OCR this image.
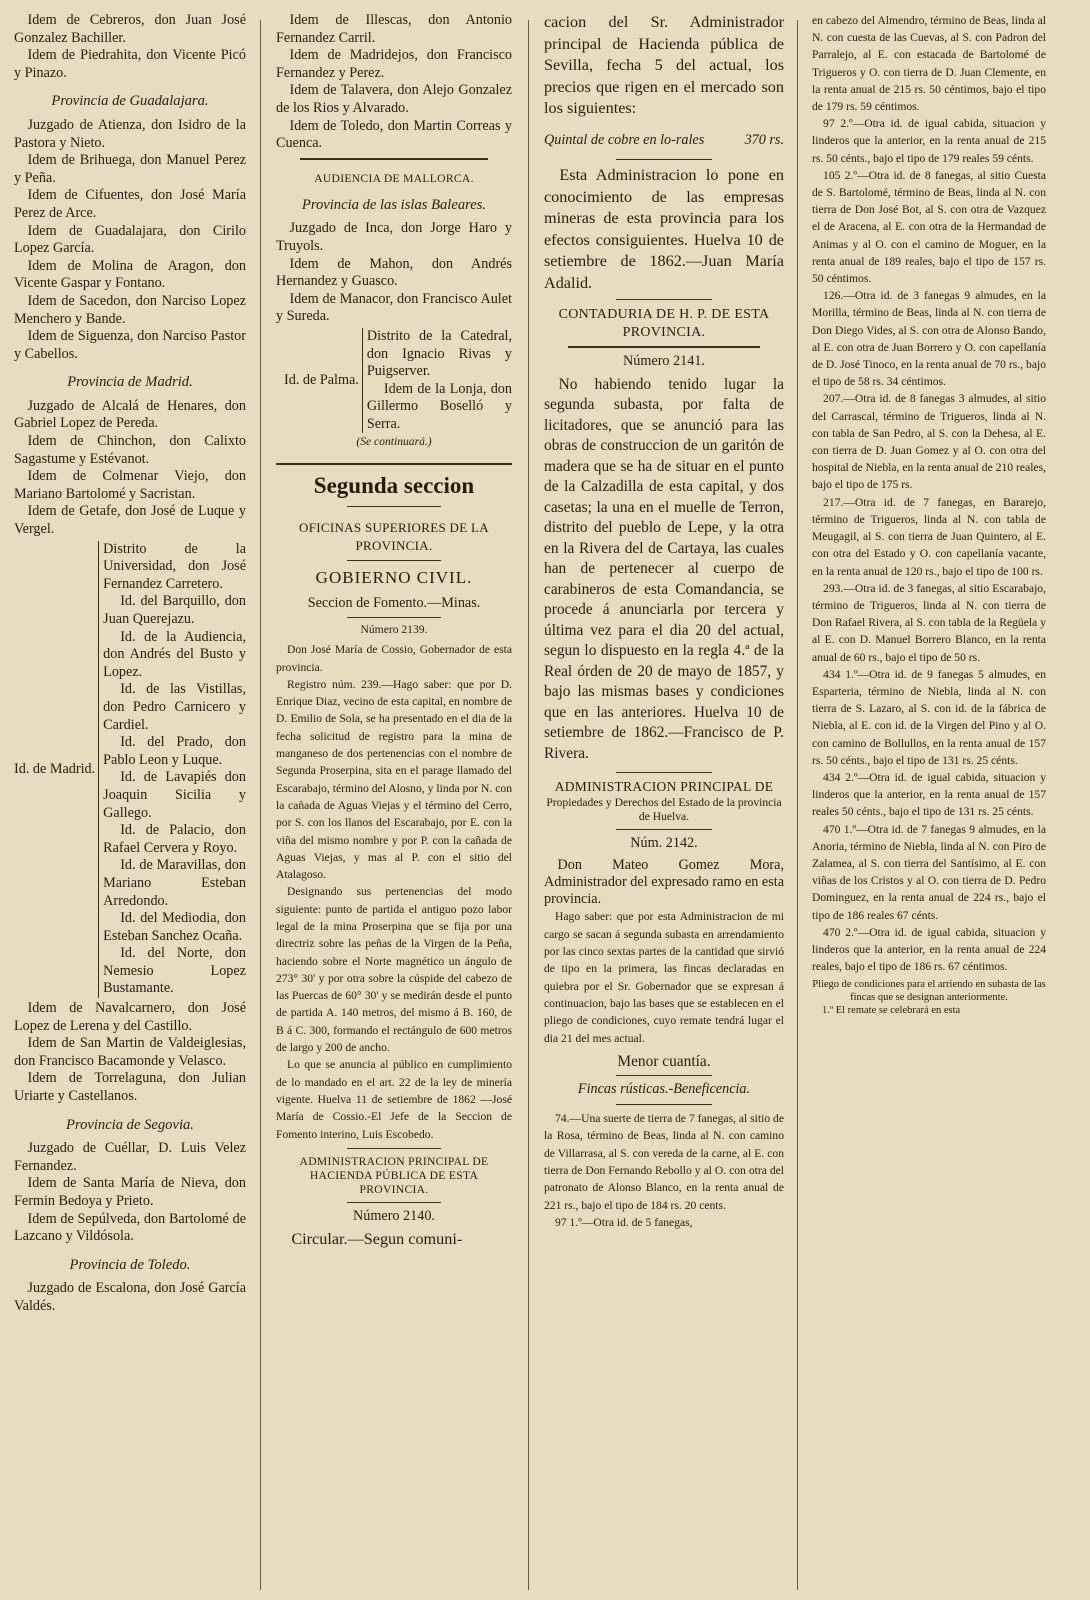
Idem de Cebreros, don Juan José Gonzalez Bachiller.

Idem de Piedrahita, don Vicente Picó y Pinazo.

Provincia de Guadalajara.

Juzgado de Atienza, don Isidro de la Pastora y Nieto.

Idem de Brihuega, don Manuel Perez y Peña.

Idem de Cifuentes, don José María Perez de Arce.

Idem de Guadalajara, don Cirilo Lopez García.

Idem de Molina de Aragon, don Vicente Gaspar y Fontano.

Idem de Sacedon, don Narciso Lopez Menchero y Bande.

Idem de Siguenza, don Narciso Pastor y Cabellos.

Provincia de Madrid.

Juzgado de Alcalá de Henares, don Gabriel Lopez de Pereda.

Idem de Chinchon, don Calixto Sagastume y Estévanot.

Idem de Colmenar Viejo, don Mariano Bartolomé y Sacristan.

Idem de Getafe, don José de Luque y Vergel.

Id. de Madrid.

Distrito de la Universidad, don José Fernandez Carretero.

Id. del Barquillo, don Juan Querejazu.

Id. de la Audiencia, don Andrés del Busto y Lopez.

Id. de las Vistillas, don Pedro Carnicero y Cardiel.

Id. del Prado, don Pablo Leon y Luque.

Id. de Lavapiés don Joaquin Sicilia y Gallego.

Id. de Palacio, don Rafael Cervera y Royo.

Id. de Maravillas, don Mariano Esteban Arredondo.

Id. del Mediodia, don Esteban Sanchez Ocaña.

Id. del Norte, don Nemesio Lopez Bustamante.

Idem de Navalcarnero, don José Lopez de Lerena y del Castillo.

Idem de San Martin de Valdeiglesias, don Francisco Bacamonde y Velasco.

Idem de Torrelaguna, don Julian Uriarte y Castellanos.

Provincia de Segovia.

Juzgado de Cuéllar, D. Luis Velez Fernandez.

Idem de Santa María de Nieva, don Fermin Bedoya y Prieto.

Idem de Sepúlveda, don Bartolomé de Lazcano y Vildósola.

Provincia de Toledo.

Juzgado de Escalona, don José García Valdés.

Idem de Illescas, don Antonio Fernandez Carril.

Idem de Madridejos, don Francisco Fernandez y Perez.

Idem de Talavera, don Alejo Gonzalez de los Rios y Alvarado.

Idem de Toledo, don Martin Correas y Cuenca.

AUDIENCIA DE MALLORCA.

Provincia de las islas Baleares.

Juzgado de Inca, don Jorge Haro y Truyols.

Idem de Mahon, don Andrés Hernandez y Guasco.

Idem de Manacor, don Francisco Aulet y Sureda.

Id. de Palma.

Distrito de la Catedral, don Ignacio Rivas y Puigserver.

Idem de la Lonja, don Gillermo Boselló y Serra.

(Se continuará.)

Segunda seccion

OFICINAS SUPERIORES DE LA PROVINCIA.

GOBIERNO CIVIL.

Seccion de Fomento.—Minas.

Número 2139.

Don José María de Cossio, Gobernador de esta provincia.

Registro núm. 239.—Hago saber: que por D. Enrique Diaz, vecino de esta capital, en nombre de D. Emilio de Sola, se ha presentado en el dia de la fecha solicitud de registro para la mina de manganeso de dos pertenencias con el nombre de Segunda Proserpina, sita en el parage llamado del Escarabajo, término del Alosno, y linda por N. con la cañada de Aguas Viejas y el término del Cerro, por S. con los llanos del Escarabajo, por E. con la viña del mismo nombre y por P. con la cañada de Aguas Viejas, y mas al P. con el sitio del Atalagoso.

Designando sus pertenencias del modo siguiente: punto de partida el antiguo pozo labor legal de la mina Proserpina que se fija por una directriz sobre las peñas de la Virgen de la Peña, haciendo sobre el Norte magnético un ángulo de 273° 30' y por otra sobre la cúspide del cabezo de las Puercas de 60° 30' y se medirán desde el punto de partida A. 140 metros, del mismo á B. 160, de B á C. 300, formando el rectángulo de 600 metros de largo y 200 de ancho.

Lo que se anuncia al público en cumplimiento de lo mandado en el art. 22 de la ley de minería vigente. Huelva 11 de setiembre de 1862 —José María de Cossio.-El Jefe de la Seccion de Fomento interino, Luis Escobedo.

ADMINISTRACION PRINCIPAL DE HACIENDA PÚBLICA DE ESTA PROVINCIA.

Número 2140.

Circular.—Segun comuni-

cacion del Sr. Administrador principal de Hacienda pública de Sevilla, fecha 5 del actual, los precios que rigen en el mercado son los siguientes:

Quintal de cobre en lo-rales	370 rs.

Esta Administracion lo pone en conocimiento de las empresas mineras de esta provincia para los efectos consiguientes. Huelva 10 de setiembre de 1862.—Juan María Adalid.

CONTADURIA DE H. P. DE ESTA PROVINCIA.

Número 2141.

No habiendo tenido lugar la segunda subasta, por falta de licitadores, que se anunció para las obras de construccion de un garitón de madera que se ha de situar en el punto de la Calzadilla de esta capital, y dos casetas; la una en el muelle de Terron, distrito del pueblo de Lepe, y la otra en la Rivera del de Cartaya, las cuales han de pertenecer al cuerpo de carabineros de esta Comandancia, se procede á anunciarla por tercera y última vez para el dia 20 del actual, segun lo dispuesto en la regla 4.ª de la Real órden de 20 de mayo de 1857, y bajo las mismas bases y condiciones que en las anteriores. Huelva 10 de setiembre de 1862.—Francisco de P. Rivera.

ADMINISTRACION PRINCIPAL DE

Propiedades y Derechos del Estado de la provincia de Huelva.

Núm. 2142.

Don Mateo Gomez Mora, Administrador del expresado ramo en esta provincia.

Hago saber: que por esta Administracion de mi cargo se sacan á segunda subasta en arrendamiento por las cinco sextas partes de la cantidad que sirvió de tipo en la primera, las fincas declaradas en quiebra por el Sr. Gobernador que se expresan á continuacion, bajo las bases que se establecen en el pliego de condiciones, cuyo remate tendrá lugar el dia 21 del mes actual.

Menor cuantía.

Fincas rústicas.-Beneficencia.

74.—Una suerte de tierra de 7 fanegas, al sitio de la Rosa, término de Beas, linda al N. con camino de Villarrasa, al S. con vereda de la carne, al E. con tierra de Don Fernando Rebollo y al O. con otra del patronato de Alonso Blanco, en la renta anual de 221 rs., bajo el tipo de 184 rs. 20 cents.

97 1.º—Otra id. de 5 fanegas,

en cabezo del Almendro, término de Beas, linda al N. con cuesta de las Cuevas, al S. con Padron del Parralejo, al E. con estacada de Bartolomé de Trigueros y O. con tierra de D. Juan Clemente, en la renta anual de 215 rs. 50 céntimos, bajo el tipo de 179 rs. 59 céntimos.

97 2.º—Otra id. de igual cabida, situacion y linderos que la anterior, en la renta anual de 215 rs. 50 cénts., bajo el tipo de 179 reales 59 cénts.

105 2.º—Otra id. de 8 fanegas, al sitio Cuesta de S. Bartolomé, término de Beas, linda al N. con tierra de Don José Bot, al S. con otra de Vazquez el de Aracena, al E. con otra de la Hermandad de Animas y al O. con el camino de Moguer, en la renta anual de 189 reales, bajo el tipo de 157 rs. 50 céntimos.

126.—Otra id. de 3 fanegas 9 almudes, en la Morilla, término de Beas, linda al N. con tierra de Don Diego Vides, al S. con otra de Alonso Bando, al E. con otra de Juan Borrero y O. con capellanía de D. José Tinoco, en la renta anual de 70 rs., bajo el tipo de 58 rs. 34 céntimos.

207.—Otra id. de 8 fanegas 3 almudes, al sitio del Carrascal, término de Trigueros, linda al N. con tabla de San Pedro, al S. con la Dehesa, al E. con tierra de D. Juan Gomez y al O. con otra del hospital de Niebla, en la renta anual de 210 reales, bajo el tipo de 175 rs.

217.—Otra id. de 7 fanegas, en Bararejo, término de Trigueros, linda al N. con tabla de Meugagil, al S. con tierra de Juan Quintero, al E. con otra del Estado y O. con capellanía vacante, en la renta anual de 120 rs., bajo el tipo de 100 rs.

293.—Otra id. de 3 fanegas, al sitio Escarabajo, término de Trigueros, linda al N. con tierra de Don Rafael Rivera, al S. con tabla de la Regüela y al E. con D. Manuel Borrero Blanco, en la renta anual de 60 rs., bajo el tipo de 50 rs.

434 1.º—Otra id. de 9 fanegas 5 almudes, en Esparteria, término de Niebla, linda al N. con tierra de S. Lazaro, al S. con id. de la fábrica de Niebla, al E. con id. de la Virgen del Pino y al O. con camino de Bollullos, en la renta anual de 157 rs. 50 cénts., bajo el tipo de 131 rs. 25 cénts.

434 2.º—Otra id. de igual cabida, situacion y linderos que la anterior, en la renta anual de 157 reales 50 cénts., bajo el tipo de 131 rs. 25 cénts.

470 1.º—Otra id. de 7 fanegas 9 almudes, en la Anoria, término de Niebla, linda al N. con Piro de Zalamea, al S. con tierra del Santísimo, al E. con viñas de los Cristos y al O. con tierra de D. Pedro Dominguez, en la renta anual de 224 rs., bajo el tipo de 186 reales 67 cénts.

470 2.º—Otra id. de igual cabida, situacion y linderos que la anterior, en la renta anual de 224 reales, bajo el tipo de 186 rs. 67 céntimos.

Pliego de condiciones para el arriendo en subasta de las fincas que se designan anteriormente.

1.º El remate se celebrará en esta
